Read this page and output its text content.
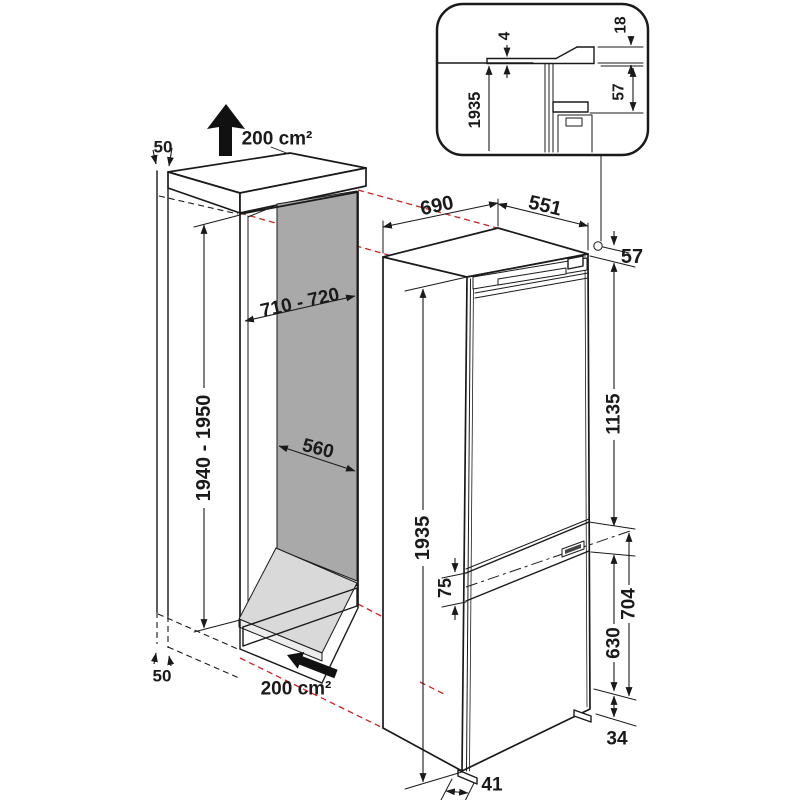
200 cm²
50
1940 - 1950
710 - 720
560
50
200 cm²
690	551
57
1135
75
1935
630
704
34
41
4
18
1935	57
